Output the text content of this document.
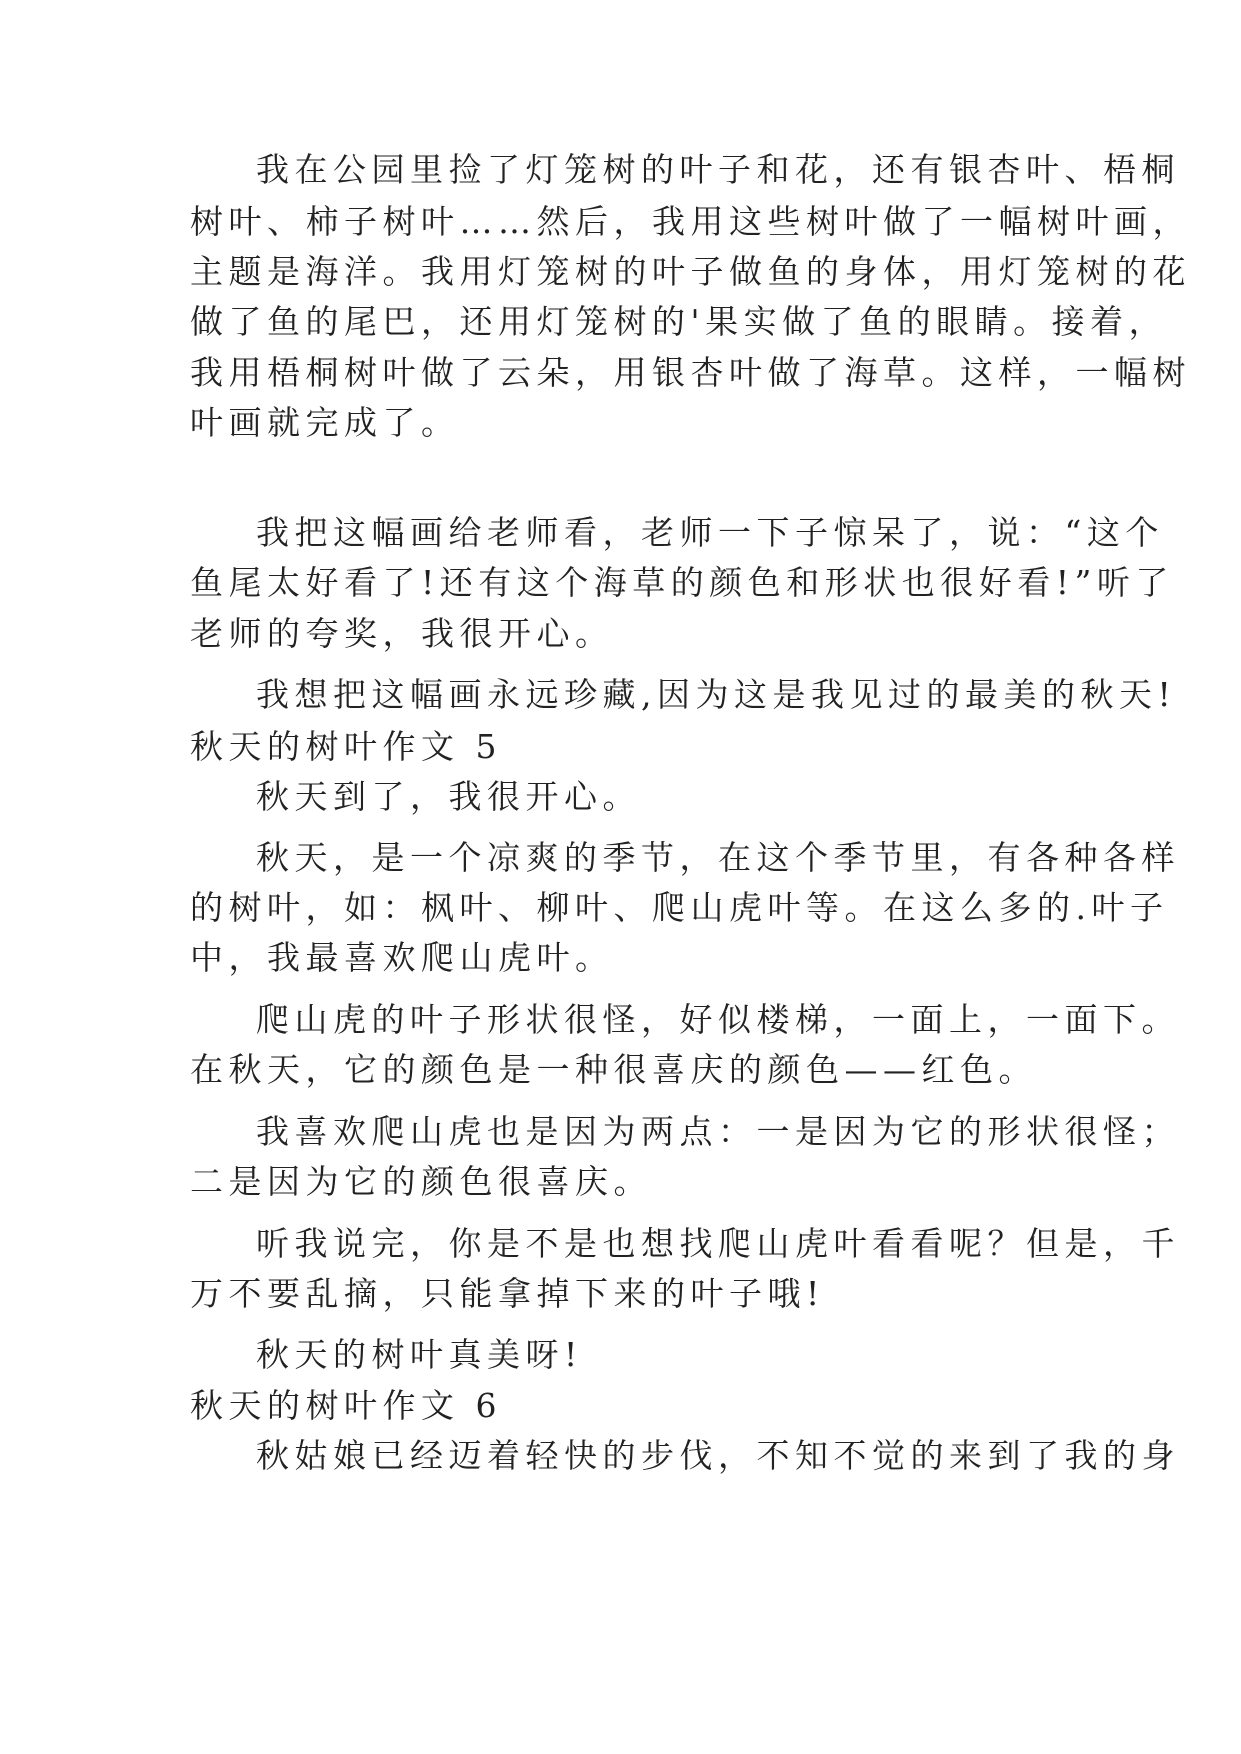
我在公园里捡了灯笼树的叶子和花，还有银杏叶、梧桐
树叶、柿子树叶……然后，我用这些树叶做了一幅树叶画，
主题是海洋。我用灯笼树的叶子做鱼的身体，用灯笼树的花
做了鱼的尾巴，还用灯笼树的'果实做了鱼的眼睛。接着，
我用梧桐树叶做了云朵，用银杏叶做了海草。这样，一幅树
叶画就完成了。
我把这幅画给老师看，老师一下子惊呆了，说：“这个
鱼尾太好看了!还有这个海草的颜色和形状也很好看!”听了
老师的夸奖，我很开心。
我想把这幅画永远珍藏,因为这是我见过的最美的秋天!
秋天的树叶作文 5
秋天到了，我很开心。
秋天，是一个凉爽的季节，在这个季节里，有各种各样
的树叶，如：枫叶、柳叶、爬山虎叶等。在这么多的.叶子
中，我最喜欢爬山虎叶。
爬山虎的叶子形状很怪，好似楼梯，一面上，一面下。
在秋天，它的颜色是一种很喜庆的颜色——红色。
我喜欢爬山虎也是因为两点：一是因为它的形状很怪；
二是因为它的颜色很喜庆。
听我说完，你是不是也想找爬山虎叶看看呢？但是，千
万不要乱摘，只能拿掉下来的叶子哦!
秋天的树叶真美呀!
秋天的树叶作文 6
秋姑娘已经迈着轻快的步伐，不知不觉的来到了我的身
